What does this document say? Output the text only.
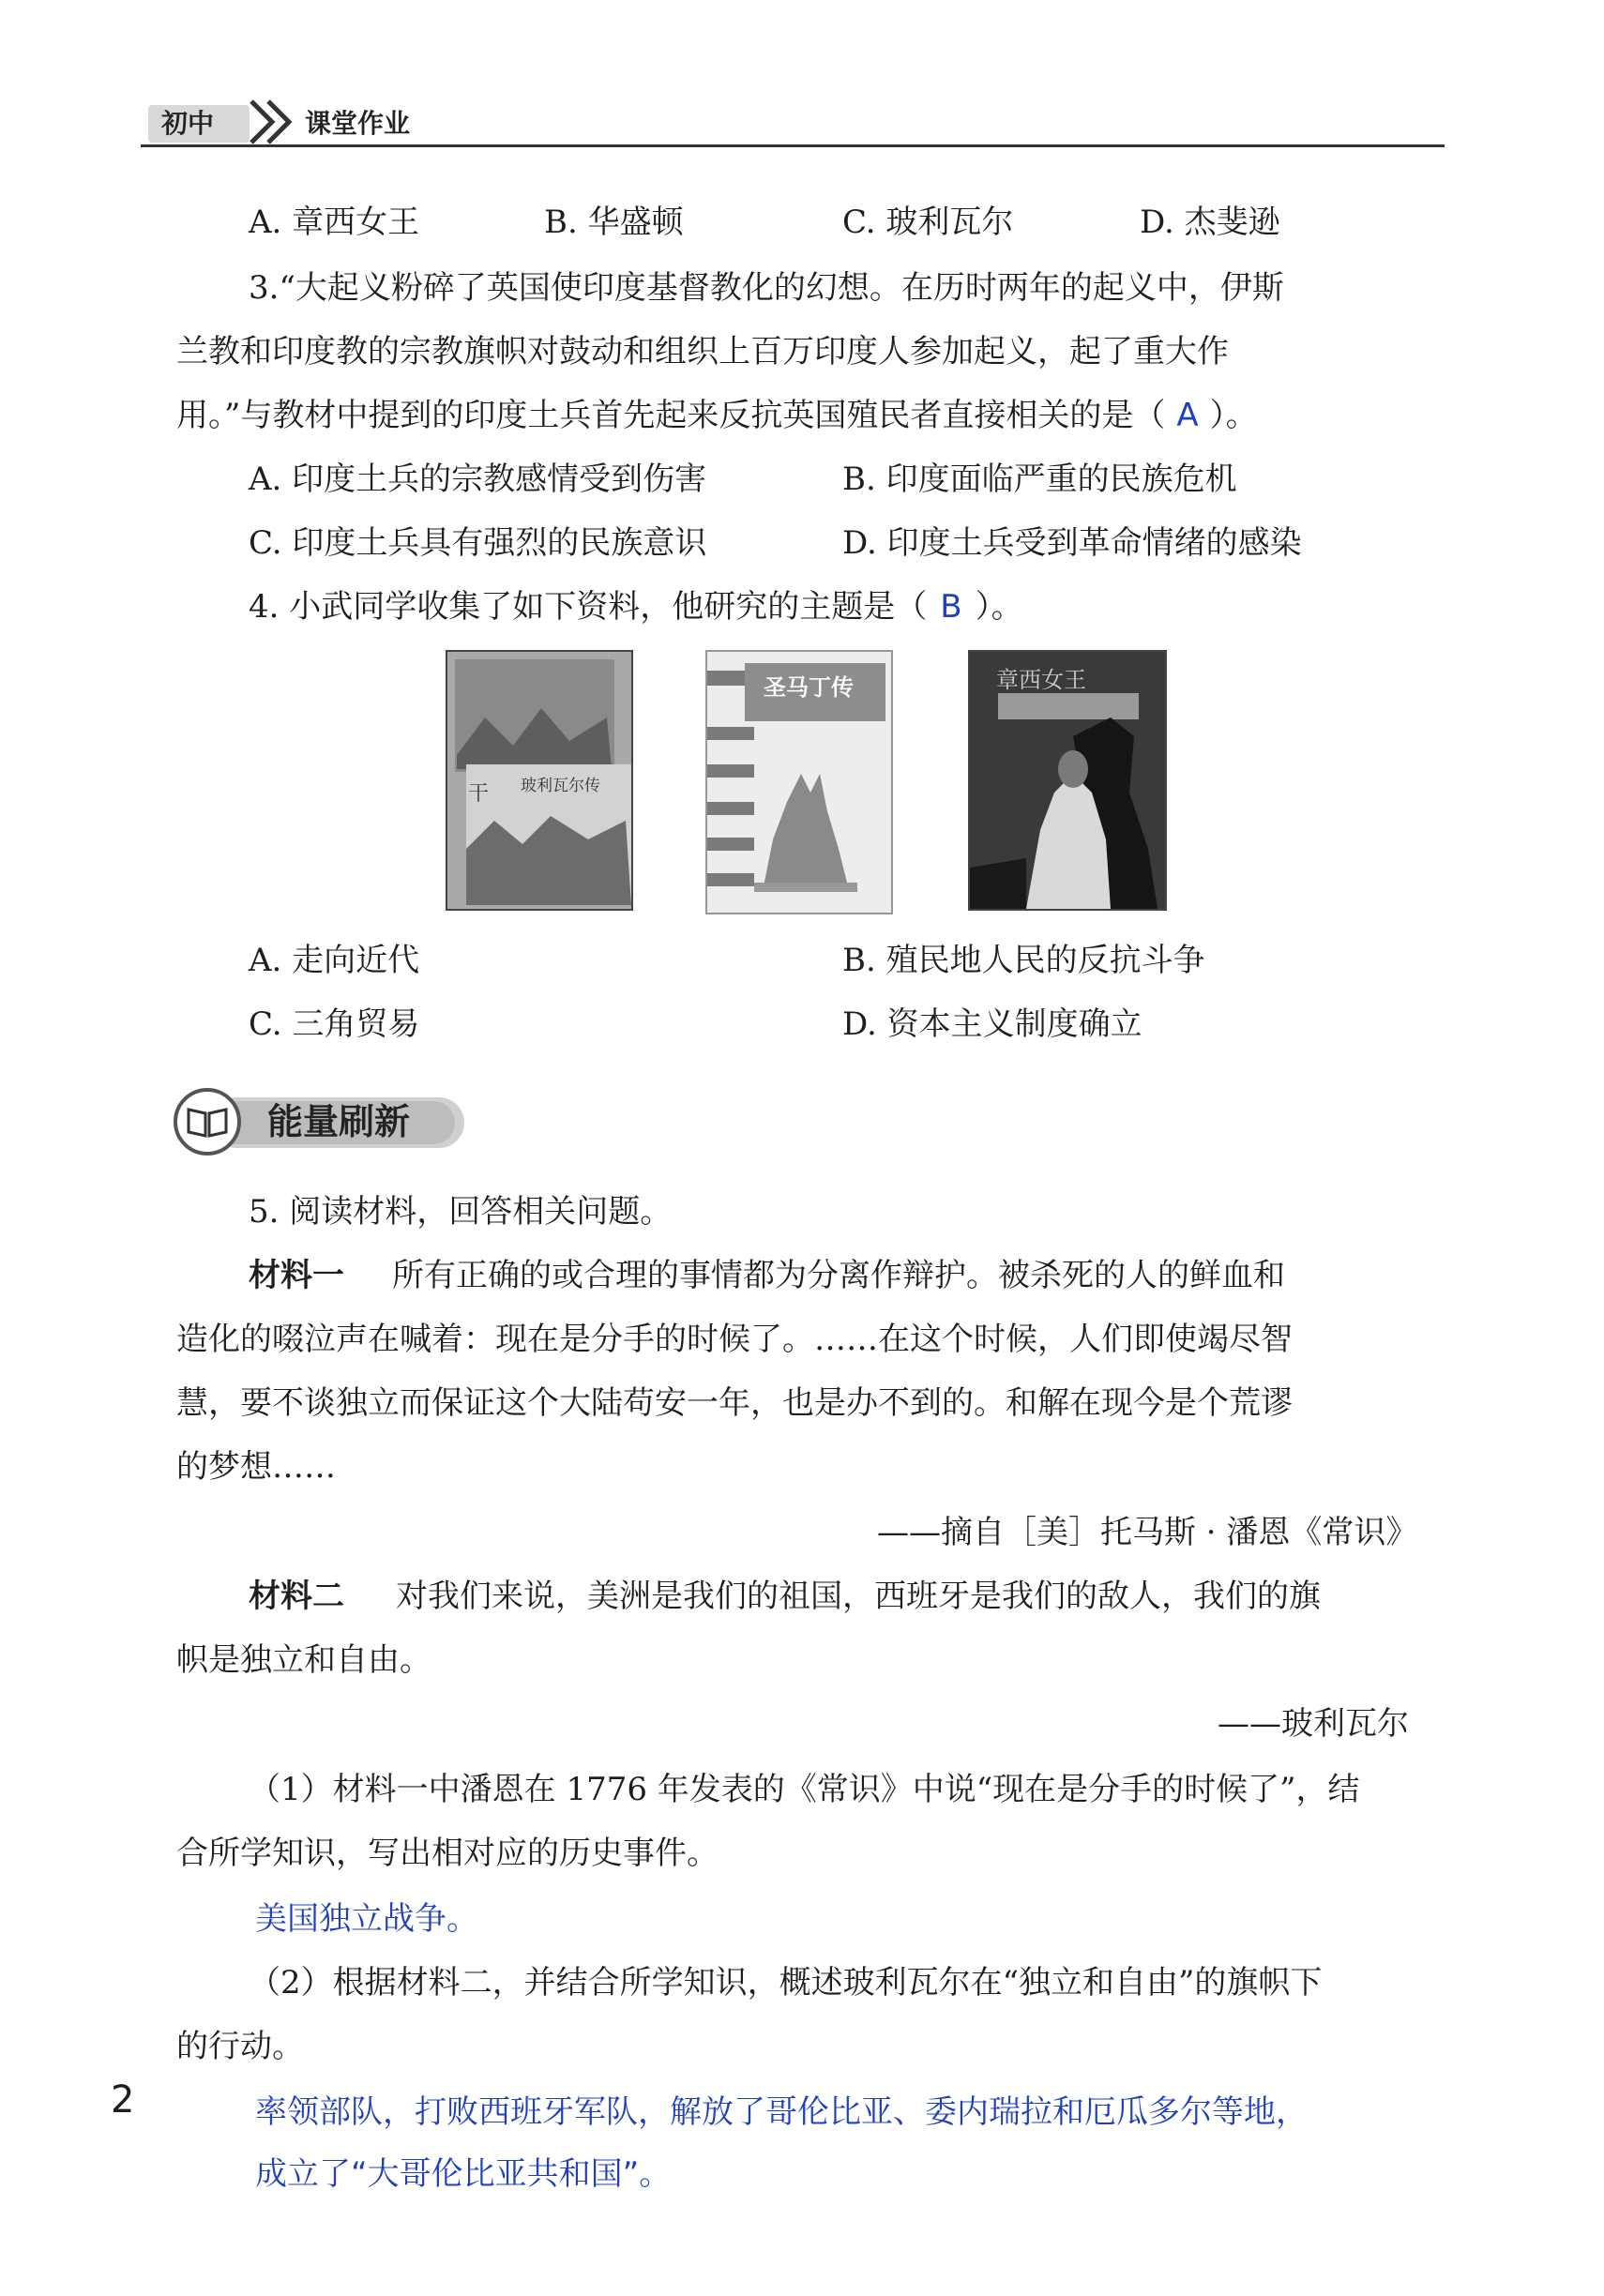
初中	课堂作业
A. 章西女王	B. 华盛顿	C. 玻利瓦尔	D. 杰斐逊
3.“大起义粉碎了英国使印度基督教化的幻想。在历时两年的起义中，伊斯
兰教和印度教的宗教旗帜对鼓动和组织上百万印度人参加起义，起了重大作
用。”与教材中提到的印度土兵首先起来反抗英国殖民者直接相关的是（ A ）。
A. 印度土兵的宗教感情受到伤害	B. 印度面临严重的民族危机
C. 印度土兵具有强烈的民族意识	D. 印度土兵受到革命情绪的感染
4. 小武同学收集了如下资料，他研究的主题是（ B ）。
干 玻利瓦尔传
圣马丁传	章西女王
A. 走向近代	B. 殖民地人民的反抗斗争
C. 三角贸易	D. 资本主义制度确立
能量刷新
5. 阅读材料，回答相关问题。
材料一 所有正确的或合理的事情都为分离作辩护。被杀死的人的鲜血和
造化的啜泣声在喊着：现在是分手的时候了。……在这个时候，人们即使竭尽智
慧，要不谈独立而保证这个大陆苟安一年，也是办不到的。和解在现今是个荒谬
的梦想……
——摘自［美］托马斯 · 潘恩《常识》
材料二 对我们来说，美洲是我们的祖国，西班牙是我们的敌人，我们的旗
帜是独立和自由。
——玻利瓦尔
（1）材料一中潘恩在 1776 年发表的《常识》中说“现在是分手的时候了”，结
合所学知识，写出相对应的历史事件。
美国独立战争。
（2）根据材料二，并结合所学知识，概述玻利瓦尔在“独立和自由”的旗帜下
的行动。
率领部队，打败西班牙军队，解放了哥伦比亚、委内瑞拉和厄瓜多尔等地，
成立了“大哥伦比亚共和国”。
2
